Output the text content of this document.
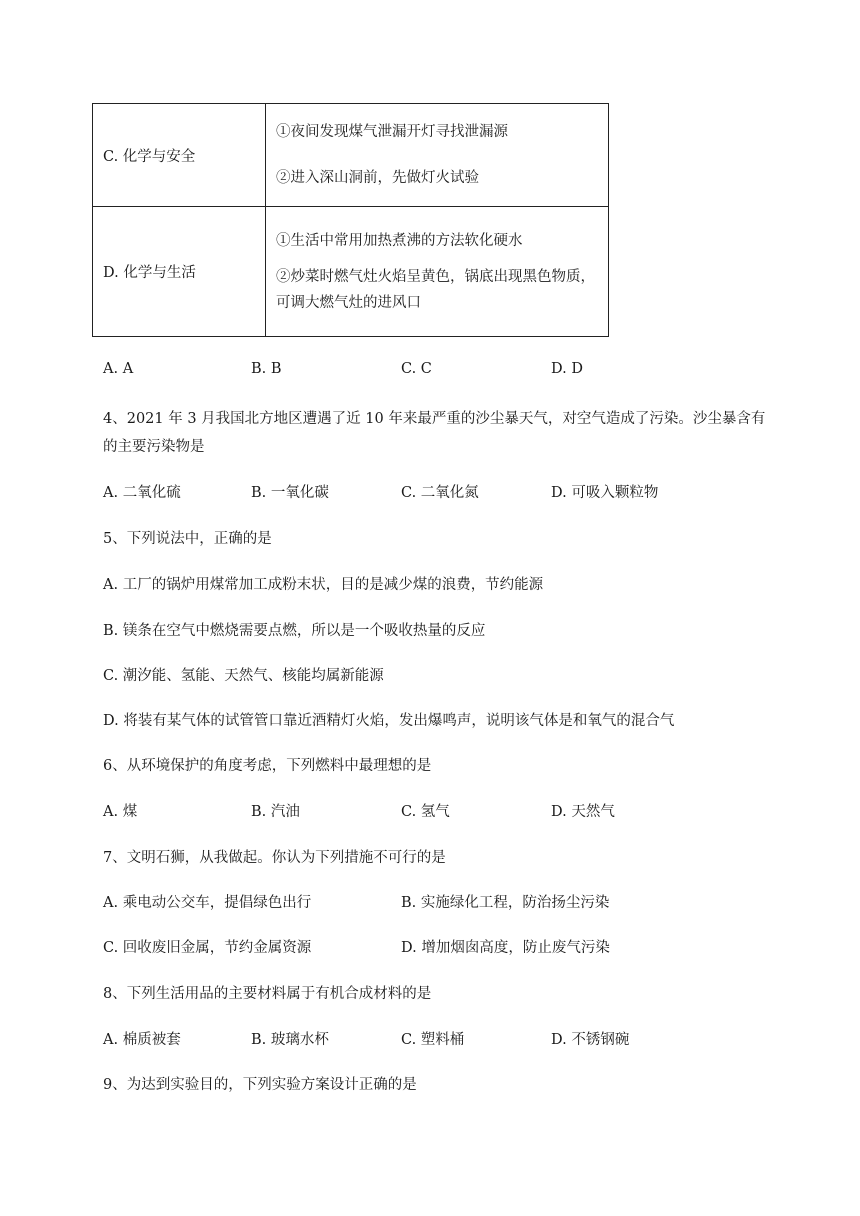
C. 化学与安全	①夜间发现煤气泄漏开灯寻找泄漏源
②进入深山洞前，先做灯火试验

D. 化学与生活	①生活中常用加热煮沸的方法软化硬水
②炒菜时燃气灶火焰呈黄色，锅底出现黑色物质，
可调大燃气灶的进风口
A. A	B. B	C. C	D. D
4、2021 年 3 月我国北方地区遭遇了近 10 年来最严重的沙尘暴天气，对空气造成了污染。沙尘暴含有
的主要污染物是
A. 二氧化硫	B. 一氧化碳	C. 二氧化氮	D. 可吸入颗粒物
5、下列说法中，正确的是
A. 工厂的锅炉用煤常加工成粉末状，目的是减少煤的浪费，节约能源
B. 镁条在空气中燃烧需要点燃，所以是一个吸收热量的反应
C. 潮汐能、氢能、天然气、核能均属新能源
D. 将装有某气体的试管管口靠近酒精灯火焰，发出爆鸣声，说明该气体是和氧气的混合气
6、从环境保护的角度考虑，下列燃料中最理想的是
A. 煤	B. 汽油	C. 氢气	D. 天然气
7、文明石狮，从我做起。你认为下列措施不可行的是
A. 乘电动公交车，提倡绿色出行	B. 实施绿化工程，防治扬尘污染
C. 回收废旧金属，节约金属资源	D. 增加烟囱高度，防止废气污染
8、下列生活用品的主要材料属于有机合成材料的是
A. 棉质被套	B. 玻璃水杯	C. 塑料桶	D. 不锈钢碗
9、为达到实验目的，下列实验方案设计正确的是
